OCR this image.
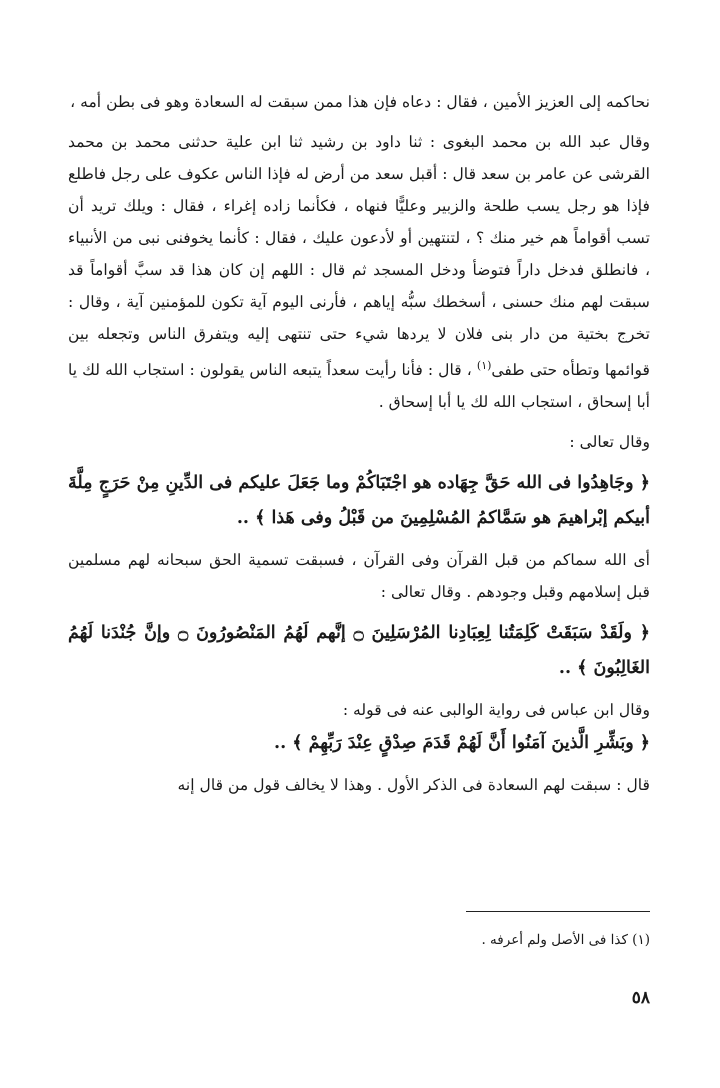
نحاكمه إلى العزيز الأمين ، فقال : دعاه فإن هذا ممن سبقت له السعادة وهو فى بطن أمه ،

وقال عبد الله بن محمد البغوى : ثنا داود بن رشيد ثنا ابن علية حدثنى محمد بن محمد القرشى عن عامر بن سعد قال : أقبل سعد من أرض له فإذا الناس عكوف على رجل فاطلع فإذا هو رجل يسب طلحة والزبير وعليًّا فنهاه ، فكأنما زاده إغراء ، فقال : ويلك تريد أن تسب أقواماً هم خير منك ؟ ، لتنتهين أو لأدعون عليك ، فقال : كأنما يخوفنى نبى من الأنبياء ، فانطلق فدخل داراً فتوضأ ودخل المسجد ثم قال : اللهم إن كان هذا قد سبَّ أقواماً قد سبقت لهم منك حسنى ، أسخطك سبُّه إياهم ، فأرنى اليوم آية تكون للمؤمنين آية ، وقال : تخرج بختية من دار بنى فلان لا يردها شيء حتى تنتهى إليه ويتفرق الناس وتجعله بين قوائمها وتطأه حتى طفى$^{(١)}$ ، قال : فأنا رأيت سعداً يتبعه الناس يقولون : استجاب الله لك يا أبا إسحاق ، استجاب الله لك يا أبا إسحاق .

وقال تعالى :

﴿ وجَاهِدُوا فى الله حَقَّ جِهَاده هو اجْتَبَاكُمْ وما جَعَلَ عليكم فى الدِّينِ مِنْ حَرَجٍ مِلَّةَ أبيكم إبْراهيمَ هو سَمَّاكمُ المُسْلِمِينَ من قَبْلُ وفى هَذا ﴾ ..

أى الله سماكم من قبل القرآن وفى القرآن ، فسبقت تسمية الحق سبحانه لهم مسلمين قبل إسلامهم وقبل وجودهم . وقال تعالى :

﴿ ولَقَدْ سَبَقَتْ كَلِمَتُنا لِعِبَادِنا المُرْسَلِينَ ۝ إنَّهم لَهُمُ المَنْصُورُونَ ۝ وإنَّ جُنْدَنا لَهُمُ الغَالِبُونَ ﴾ ..

وقال ابن عباس فى رواية الوالبى عنه فى قوله :

﴿ وبَشِّرِ الَّذينَ آمَنُوا أَنَّ لَهُمْ قَدَمَ صِدْقٍ عِنْدَ رَبِّهِمْ ﴾ ..

قال : سبقت لهم السعادة فى الذكر الأول . وهذا لا يخالف قول من قال إنه

(١) كذا فى الأصل ولم أعرفه .

٥٨
